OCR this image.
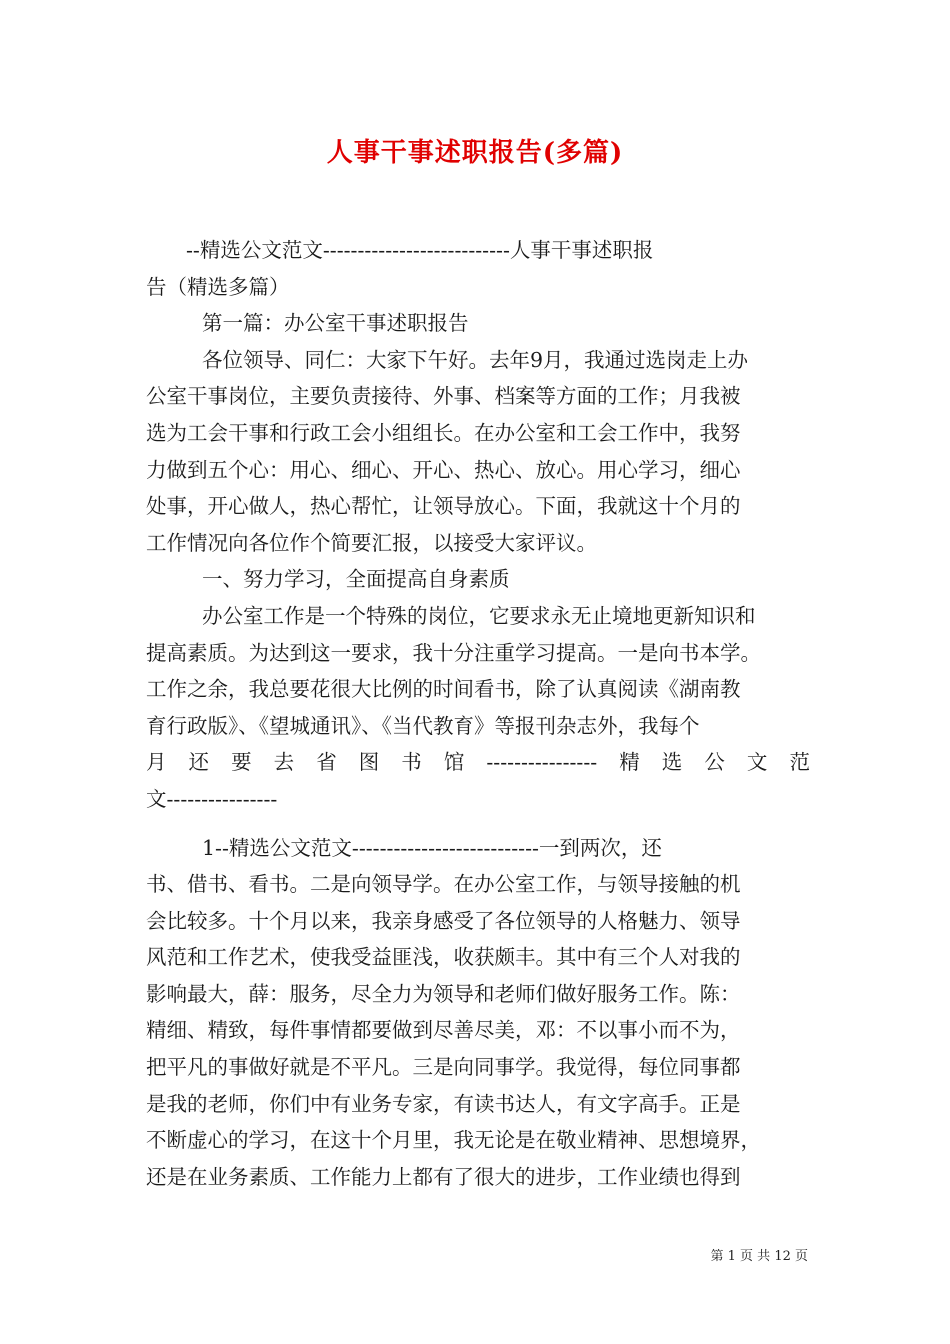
人事干事述职报告(多篇)
--精选公文范文---------------------------人事干事述职报
告（精选多篇）
第一篇：办公室干事述职报告
各位领导、同仁：大家下午好。去年9月，我通过选岗走上办
公室干事岗位，主要负责接待、外事、档案等方面的工作；月我被
选为工会干事和行政工会小组组长。在办公室和工会工作中，我努
力做到五个心：用心、细心、开心、热心、放心。用心学习，细心
处事，开心做人，热心帮忙，让领导放心。下面，我就这十个月的
工作情况向各位作个简要汇报，以接受大家评议。
一、努力学习，全面提高自身素质
办公室工作是一个特殊的岗位，它要求永无止境地更新知识和
提高素质。为达到这一要求，我十分注重学习提高。一是向书本学。
工作之余，我总要花很大比例的时间看书，除了认真阅读《湖南教
育行政版》、《望城通讯》、《当代教育》等报刊杂志外，我每个
月 还 要 去 省 图 书 馆 ---------------- 精 选 公 文 范
文----------------
1--精选公文范文---------------------------一到两次，还
书、借书、看书。二是向领导学。在办公室工作，与领导接触的机
会比较多。十个月以来，我亲身感受了各位领导的人格魅力、领导
风范和工作艺术，使我受益匪浅，收获颇丰。其中有三个人对我的
影响最大，薛：服务，尽全力为领导和老师们做好服务工作。陈：
精细、精致，每件事情都要做到尽善尽美，邓：不以事小而不为，
把平凡的事做好就是不平凡。三是向同事学。我觉得，每位同事都
是我的老师，你们中有业务专家，有读书达人，有文字高手。正是
不断虚心的学习，在这十个月里，我无论是在敬业精神、思想境界，
还是在业务素质、工作能力上都有了很大的进步，工作业绩也得到
第 1 页 共 12 页
